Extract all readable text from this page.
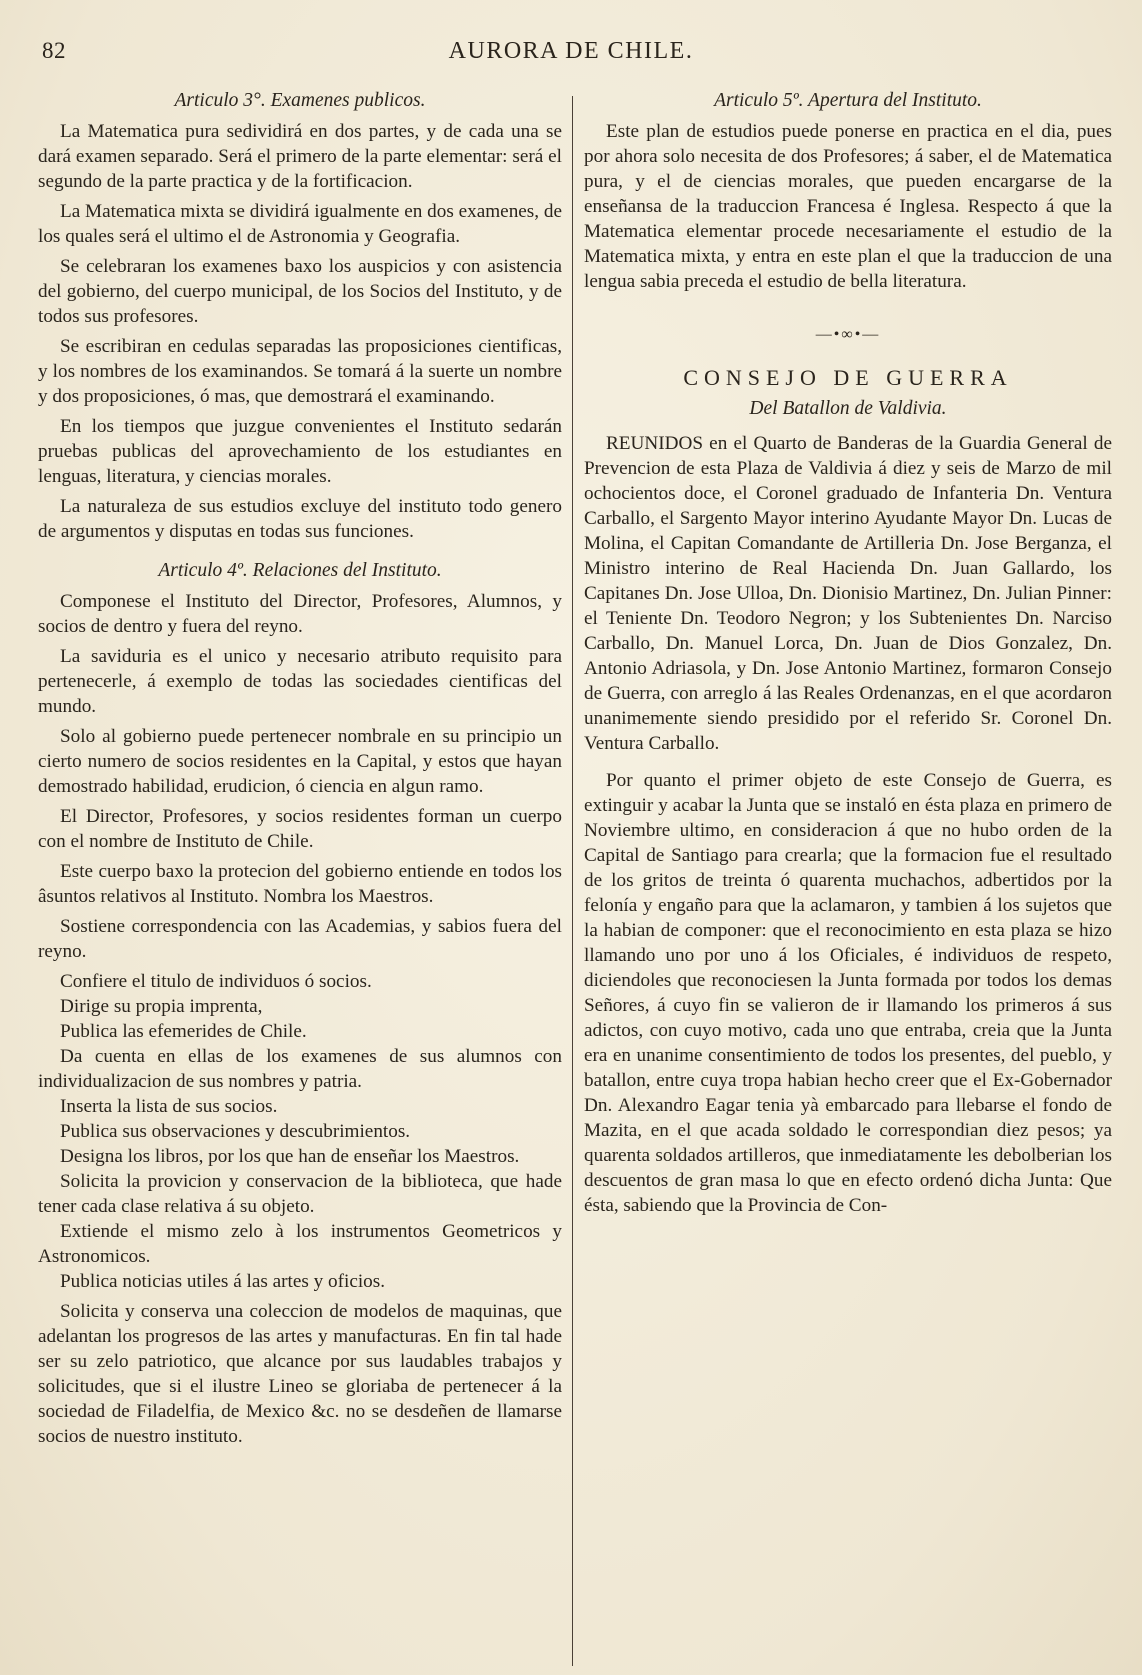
82	AURORA DE CHILE.
Articulo 3°. Examenes publicos.

La Matematica pura sedividirá en dos partes, y de cada una se dará examen separado. Será el primero de la parte elementar: será el segundo de la parte practica y de la fortificacion.

La Matematica mixta se dividirá igualmente en dos examenes, de los quales será el ultimo el de Astronomia y Geografia.

Se celebraran los examenes baxo los auspicios y con asistencia del gobierno, del cuerpo municipal, de los Socios del Instituto, y de todos sus profesores.

Se escribiran en cedulas separadas las proposiciones cientificas, y los nombres de los examinandos. Se tomará á la suerte un nombre y dos proposiciones, ó mas, que demostrará el examinando.

En los tiempos que juzgue convenientes el Instituto sedarán pruebas publicas del aprovechamiento de los estudiantes en lenguas, literatura, y ciencias morales.

La naturaleza de sus estudios excluye del instituto todo genero de argumentos y disputas en todas sus funciones.

Articulo 4º. Relaciones del Instituto.

Componese el Instituto del Director, Profesores, Alumnos, y socios de dentro y fuera del reyno.

La saviduria es el unico y necesario atributo requisito para pertenecerle, á exemplo de todas las sociedades cientificas del mundo.

Solo al gobierno puede pertenecer nombrale en su principio un cierto numero de socios residentes en la Capital, y estos que hayan demostrado habilidad, erudicion, ó ciencia en algun ramo.

El Director, Profesores, y socios residentes forman un cuerpo con el nombre de Instituto de Chile.

Este cuerpo baxo la protecion del gobierno entiende en todos los âsuntos relativos al Instituto. Nombra los Maestros.

Sostiene correspondencia con las Academias, y sabios fuera del reyno.

Confiere el titulo de individuos ó socios.
Dirige su propia imprenta,
Publica las efemerides de Chile.
Da cuenta en ellas de los examenes de sus alumnos con individualizacion de sus nombres y patria.
Inserta la lista de sus socios.
Publica sus observaciones y descubrimientos.
Designa los libros, por los que han de enseñar los Maestros.
Solicita la provicion y conservacion de la biblioteca, que hade tener cada clase relativa á su objeto.
Extiende el mismo zelo à los instrumentos Geometricos y Astronomicos.
Publica noticias utiles á las artes y oficios.

Solicita y conserva una coleccion de modelos de maquinas, que adelantan los progresos de las artes y manufacturas. En fin tal hade ser su zelo patriotico, que alcance por sus laudables trabajos y solicitudes, que si el ilustre Lineo se gloriaba de pertenecer á la sociedad de Filadelfia, de Mexico &c. no se desdeñen de llamarse socios de nuestro instituto.

Articulo 5º. Apertura del Instituto.

Este plan de estudios puede ponerse en practica en el dia, pues por ahora solo necesita de dos Profesores; á saber, el de Matematica pura, y el de ciencias morales, que pueden encargarse de la enseñansa de la traduccion Francesa é Inglesa. Respecto á que la Matematica elementar procede necesariamente el estudio de la Matematica mixta, y entra en este plan el que la traduccion de una lengua sabia preceda el estudio de bella literatura.

—•∞•—
CONSEJO DE GUERRA
Del Batallon de Valdivia.

REUNIDOS en el Quarto de Banderas de la Guardia General de Prevencion de esta Plaza de Valdivia á diez y seis de Marzo de mil ochocientos doce, el Coronel graduado de Infanteria Dn. Ventura Carballo, el Sargento Mayor interino Ayudante Mayor Dn. Lucas de Molina, el Capitan Comandante de Artilleria Dn. Jose Berganza, el Ministro interino de Real Hacienda Dn. Juan Gallardo, los Capitanes Dn. Jose Ulloa, Dn. Dionisio Martinez, Dn. Julian Pinner: el Teniente Dn. Teodoro Negron; y los Subtenientes Dn. Narciso Carballo, Dn. Manuel Lorca, Dn. Juan de Dios Gonzalez, Dn. Antonio Adriasola, y Dn. Jose Antonio Martinez, formaron Consejo de Guerra, con arreglo á las Reales Ordenanzas, en el que acordaron unanimemente siendo presidido por el referido Sr. Coronel Dn. Ventura Carballo.

Por quanto el primer objeto de este Consejo de Guerra, es extinguir y acabar la Junta que se instaló en ésta plaza en primero de Noviembre ultimo, en consideracion á que no hubo orden de la Capital de Santiago para crearla; que la formacion fue el resultado de los gritos de treinta ó quarenta muchachos, adbertidos por la felonía y engaño para que la aclamaron, y tambien á los sujetos que la habian de componer: que el reconocimiento en esta plaza se hizo llamando uno por uno á los Oficiales, é individuos de respeto, diciendoles que reconociesen la Junta formada por todos los demas Señores, á cuyo fin se valieron de ir llamando los primeros á sus adictos, con cuyo motivo, cada uno que entraba, creia que la Junta era en unanime consentimiento de todos los presentes, del pueblo, y batallon, entre cuya tropa habian hecho creer que el Ex-Gobernador Dn. Alexandro Eagar tenia yà embarcado para llebarse el fondo de Mazita, en el que acada soldado le correspondian diez pesos; ya quarenta soldados artilleros, que inmediatamente les debolberian los descuentos de gran masa lo que en efecto ordenó dicha Junta: Que ésta, sabiendo que la Provincia de Con-
